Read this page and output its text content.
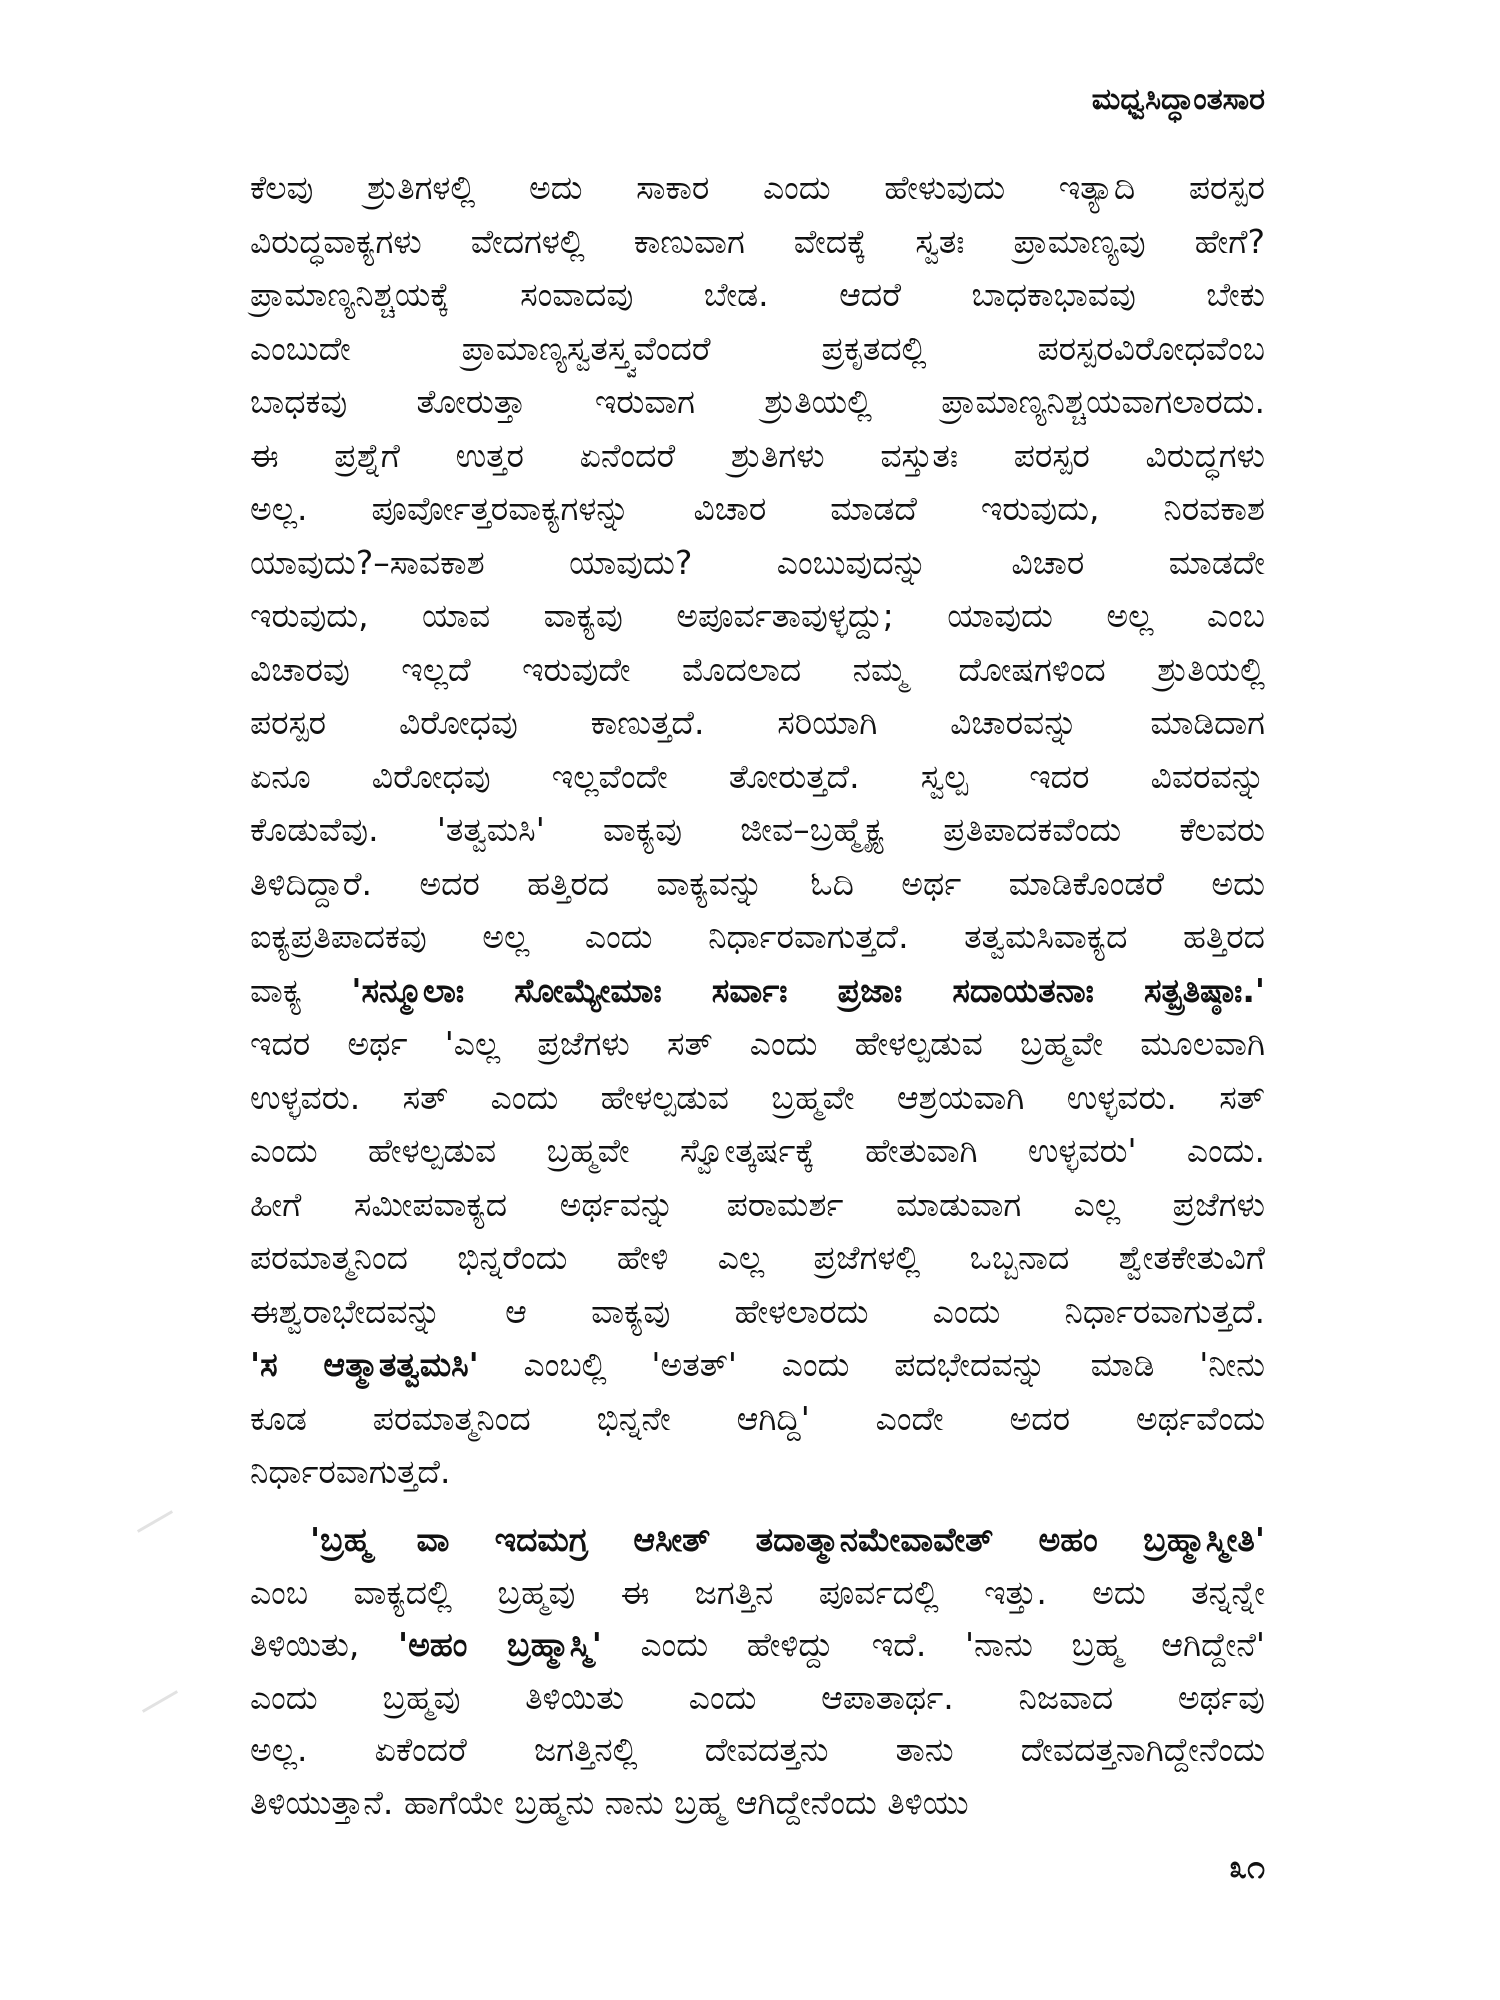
ಮಧ್ವಸಿದ್ಧಾಂತಸಾರ
ಕೆಲವು ಶ್ರುತಿಗಳಲ್ಲಿ ಅದು ಸಾಕಾರ ಎಂದು ಹೇಳುವುದು ಇತ್ಯಾದಿ ಪರಸ್ಪರ
ವಿರುದ್ಧವಾಕ್ಯಗಳು ವೇದಗಳಲ್ಲಿ ಕಾಣುವಾಗ ವೇದಕ್ಕೆ ಸ್ವತಃ ಪ್ರಾಮಾಣ್ಯವು ಹೇಗೆ?
ಪ್ರಾಮಾಣ್ಯನಿಶ್ಚಯಕ್ಕೆ ಸಂವಾದವು ಬೇಡ. ಆದರೆ ಬಾಧಕಾಭಾವವು ಬೇಕು
ಎಂಬುದೇ ಪ್ರಾಮಾಣ್ಯಸ್ವತಸ್ತ್ವವೆಂದರೆ ಪ್ರಕೃತದಲ್ಲಿ ಪರಸ್ಪರವಿರೋಧವೆಂಬ
ಬಾಧಕವು ತೋರುತ್ತಾ ಇರುವಾಗ ಶ್ರುತಿಯಲ್ಲಿ ಪ್ರಾಮಾಣ್ಯನಿಶ್ಚಯವಾಗಲಾರದು.
ಈ ಪ್ರಶ್ನೆಗೆ ಉತ್ತರ ಏನೆಂದರೆ ಶ್ರುತಿಗಳು ವಸ್ತುತಃ ಪರಸ್ಪರ ವಿರುದ್ಧಗಳು
ಅಲ್ಲ. ಪೂರ್ವೋತ್ತರವಾಕ್ಯಗಳನ್ನು ವಿಚಾರ ಮಾಡದೆ ಇರುವುದು, ನಿರವಕಾಶ
ಯಾವುದು?–ಸಾವಕಾಶ ಯಾವುದು? ಎಂಬುವುದನ್ನು ವಿಚಾರ ಮಾಡದೇ
ಇರುವುದು, ಯಾವ ವಾಕ್ಯವು ಅಪೂರ್ವತಾವುಳ್ಳದ್ದು; ಯಾವುದು ಅಲ್ಲ ಎಂಬ
ವಿಚಾರವು ಇಲ್ಲದೆ ಇರುವುದೇ ಮೊದಲಾದ ನಮ್ಮ ದೋಷಗಳಿಂದ ಶ್ರುತಿಯಲ್ಲಿ
ಪರಸ್ಪರ ವಿರೋಧವು ಕಾಣುತ್ತದೆ. ಸರಿಯಾಗಿ ವಿಚಾರವನ್ನು ಮಾಡಿದಾಗ
ಏನೂ ವಿರೋಧವು ಇಲ್ಲವೆಂದೇ ತೋರುತ್ತದೆ. ಸ್ವಲ್ಪ ಇದರ ವಿವರವನ್ನು
ಕೊಡುವೆವು. 'ತತ್ವಮಸಿ' ವಾಕ್ಯವು ಜೀವ–ಬ್ರಹ್ಮೈಕ್ಯ ಪ್ರತಿಪಾದಕವೆಂದು ಕೆಲವರು
ತಿಳಿದಿದ್ದಾರೆ. ಅದರ ಹತ್ತಿರದ ವಾಕ್ಯವನ್ನು ಓದಿ ಅರ್ಥ ಮಾಡಿಕೊಂಡರೆ ಅದು
ಐಕ್ಯಪ್ರತಿಪಾದಕವು ಅಲ್ಲ ಎಂದು ನಿರ್ಧಾರವಾಗುತ್ತದೆ. ತತ್ವಮಸಿವಾಕ್ಯದ ಹತ್ತಿರದ
ವಾಕ್ಯ 'ಸನ್ಮೂಲಾಃ ಸೋಮ್ಯೇಮಾಃ ಸರ್ವಾಃ ಪ್ರಜಾಃ ಸದಾಯತನಾಃ ಸತ್ಪ್ರತಿಷ್ಠಾಃ.'
ಇದರ ಅರ್ಥ 'ಎಲ್ಲ ಪ್ರಜೆಗಳು ಸತ್ ಎಂದು ಹೇಳಲ್ಪಡುವ ಬ್ರಹ್ಮವೇ ಮೂಲವಾಗಿ
ಉಳ್ಳವರು. ಸತ್ ಎಂದು ಹೇಳಲ್ಪಡುವ ಬ್ರಹ್ಮವೇ ಆಶ್ರಯವಾಗಿ ಉಳ್ಳವರು. ಸತ್
ಎಂದು ಹೇಳಲ್ಪಡುವ ಬ್ರಹ್ಮವೇ ಸ್ವೋತ್ಕರ್ಷಕ್ಕೆ ಹೇತುವಾಗಿ ಉಳ್ಳವರು' ಎಂದು.
ಹೀಗೆ ಸಮೀಪವಾಕ್ಯದ ಅರ್ಥವನ್ನು ಪರಾಮರ್ಶ ಮಾಡುವಾಗ ಎಲ್ಲ ಪ್ರಜೆಗಳು
ಪರಮಾತ್ಮನಿಂದ ಭಿನ್ನರೆಂದು ಹೇಳಿ ಎಲ್ಲ ಪ್ರಜೆಗಳಲ್ಲಿ ಒಬ್ಬನಾದ ಶ್ವೇತಕೇತುವಿಗೆ
ಈಶ್ವರಾಭೇದವನ್ನು ಆ ವಾಕ್ಯವು ಹೇಳಲಾರದು ಎಂದು ನಿರ್ಧಾರವಾಗುತ್ತದೆ.
'ಸ ಆತ್ಮಾತತ್ವಮಸಿ' ಎಂಬಲ್ಲಿ 'ಅತತ್' ಎಂದು ಪದಭೇದವನ್ನು ಮಾಡಿ 'ನೀನು
ಕೂಡ ಪರಮಾತ್ಮನಿಂದ ಭಿನ್ನನೇ ಆಗಿದ್ದಿ' ಎಂದೇ ಅದರ ಅರ್ಥವೆಂದು
ನಿರ್ಧಾರವಾಗುತ್ತದೆ.
'ಬ್ರಹ್ಮ ವಾ ಇದಮಗ್ರ ಆಸೀತ್ ತದಾತ್ಮಾನಮೇವಾವೇತ್ ಅಹಂ ಬ್ರಹ್ಮಾಸ್ಮೀತಿ'
ಎಂಬ ವಾಕ್ಯದಲ್ಲಿ ಬ್ರಹ್ಮವು ಈ ಜಗತ್ತಿನ ಪೂರ್ವದಲ್ಲಿ ಇತ್ತು. ಅದು ತನ್ನನ್ನೇ
ತಿಳಿಯಿತು, 'ಅಹಂ ಬ್ರಹ್ಮಾಸ್ಮಿ' ಎಂದು ಹೇಳಿದ್ದು ಇದೆ. 'ನಾನು ಬ್ರಹ್ಮ ಆಗಿದ್ದೇನೆ'
ಎಂದು ಬ್ರಹ್ಮವು ತಿಳಿಯಿತು ಎಂದು ಆಪಾತಾರ್ಥ. ನಿಜವಾದ ಅರ್ಥವು
ಅಲ್ಲ. ಏಕೆಂದರೆ ಜಗತ್ತಿನಲ್ಲಿ ದೇವದತ್ತನು ತಾನು ದೇವದತ್ತನಾಗಿದ್ದೇನೆಂದು
ತಿಳಿಯುತ್ತಾನೆ. ಹಾಗೆಯೇ ಬ್ರಹ್ಮನು ನಾನು ಬ್ರಹ್ಮ ಆಗಿದ್ದೇನೆಂದು ತಿಳಿಯು
೩೧
